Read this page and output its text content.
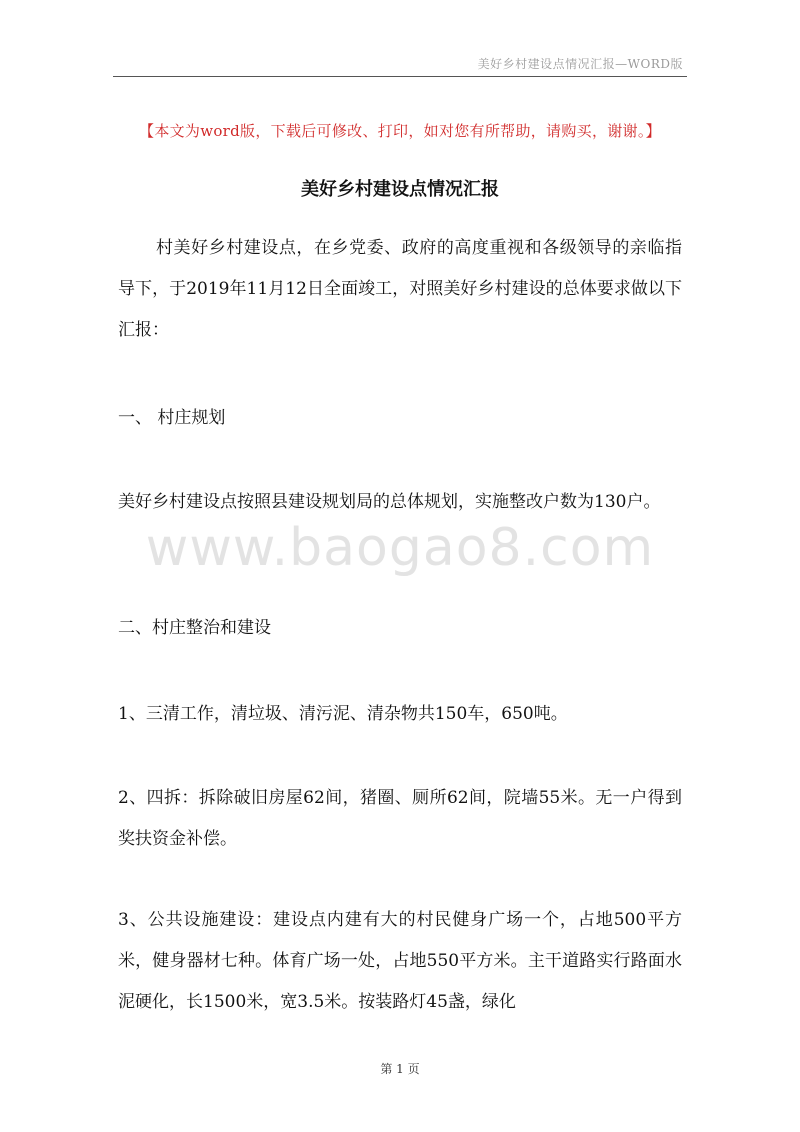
美好乡村建设点情况汇报—WORD版
【本文为word版，下载后可修改、打印，如对您有所帮助，请购买，谢谢。】
美好乡村建设点情况汇报
村美好乡村建设点，在乡党委、政府的高度重视和各级领导的亲临指导下，于2019年11月12日全面竣工，对照美好乡村建设的总体要求做以下汇报：
一、 村庄规划
美好乡村建设点按照县建设规划局的总体规划，实施整改户数为130户。
www.baogao8.com
二、村庄整治和建设
1、三清工作，清垃圾、清污泥、清杂物共150车，650吨。
2、四拆：拆除破旧房屋62间，猪圈、厕所62间，院墙55米。无一户得到奖扶资金补偿。
3、公共设施建设：建设点内建有大的村民健身广场一个，占地500平方米，健身器材七种。体育广场一处，占地550平方米。主干道路实行路面水泥硬化，长1500米，宽3.5米。按装路灯45盏，绿化
第 1 页
